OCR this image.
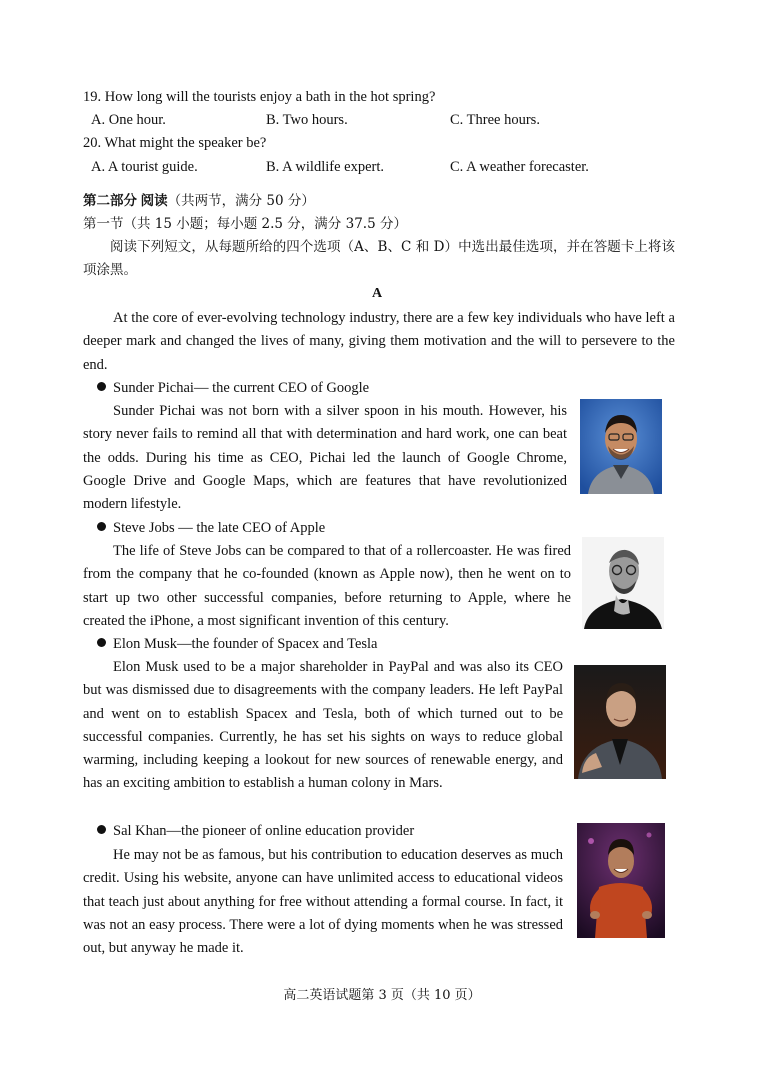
19. How long will the tourists enjoy a bath in the hot spring?
A. One hour.	B. Two hours.	C. Three hours.
20. What might the speaker be?
A. A tourist guide.	B. A wildlife expert.	C. A weather forecaster.
第二部分 阅读（共两节，满分 50 分）
第一节（共 15 小题；每小题 2.5 分，满分 37.5 分）

阅读下列短文，从每题所给的四个选项（A、B、C 和 D）中选出最佳选项，并在答题卡上将该项涂黑。

A

At the core of ever-evolving technology industry, there are a few key individuals who have left a deeper mark and changed the lives of many, giving them motivation and the will to persevere to the end.

Sunder Pichai— the current CEO of Google

Sunder Pichai was not born with a silver spoon in his mouth. However, his story never fails to remind all that with determination and hard work, one can beat the odds. During his time as CEO, Pichai led the launch of Google Chrome, Google Drive and Google Maps, which are features that have revolutionized modern lifestyle.

Steve Jobs — the late CEO of Apple

The life of Steve Jobs can be compared to that of a rollercoaster. He was fired from the company that he co-founded (known as Apple now), then he went on to start up two other successful companies, before returning to Apple, where he created the iPhone, a most significant invention of this century.

Elon Musk—the founder of Spacex and Tesla

Elon Musk used to be a major shareholder in PayPal and was also its CEO but was dismissed due to disagreements with the company leaders. He left PayPal and went on to establish Spacex and Tesla, both of which turned out to be successful companies. Currently, he has set his sights on ways to reduce global warming, including keeping a lookout for new sources of renewable energy, and has an exciting ambition to establish a human colony in Mars.

Sal Khan—the pioneer of online education provider

He may not be as famous, but his contribution to education deserves as much credit. Using his website, anyone can have unlimited access to educational videos that teach just about anything for free without attending a formal course. In fact, it was not an easy process. There were a lot of dying moments when he was stressed out, but anyway he made it.

高二英语试题第 3 页（共 10 页）
